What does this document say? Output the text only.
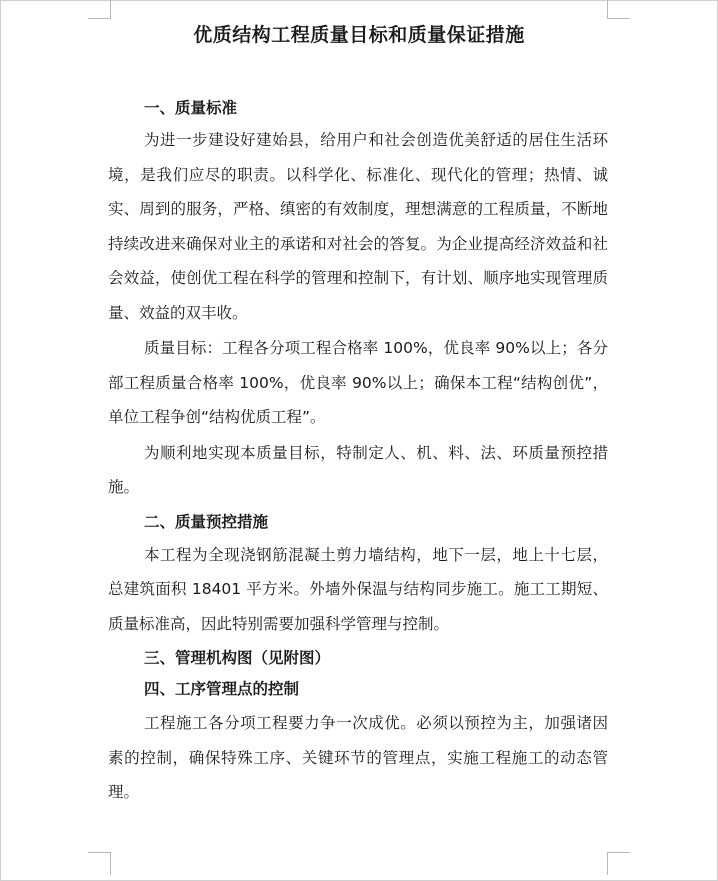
优质结构工程质量目标和质量保证措施

一、质量标准

为进一步建设好建始县，给用户和社会创造优美舒适的居住生活环境，是我们应尽的职责。以科学化、标准化、现代化的管理；热情、诚实、周到的服务，严格、缜密的有效制度，理想满意的工程质量，不断地持续改进来确保对业主的承诺和对社会的答复。为企业提高经济效益和社会效益，使创优工程在科学的管理和控制下，有计划、顺序地实现管理质量、效益的双丰收。

质量目标：工程各分项工程合格率 100%，优良率 90%以上；各分部工程质量合格率 100%，优良率 90%以上；确保本工程“结构创优”，单位工程争创“结构优质工程”。

为顺利地实现本质量目标，特制定人、机、料、法、环质量预控措施。

二、质量预控措施

本工程为全现浇钢筋混凝土剪力墙结构，地下一层，地上十七层，总建筑面积 18401 平方米。外墙外保温与结构同步施工。施工工期短、质量标准高，因此特别需要加强科学管理与控制。

三、管理机构图（见附图）

四、工序管理点的控制

工程施工各分项工程要力争一次成优。必须以预控为主，加强诸因素的控制，确保特殊工序、关键环节的管理点，实施工程施工的动态管理。
